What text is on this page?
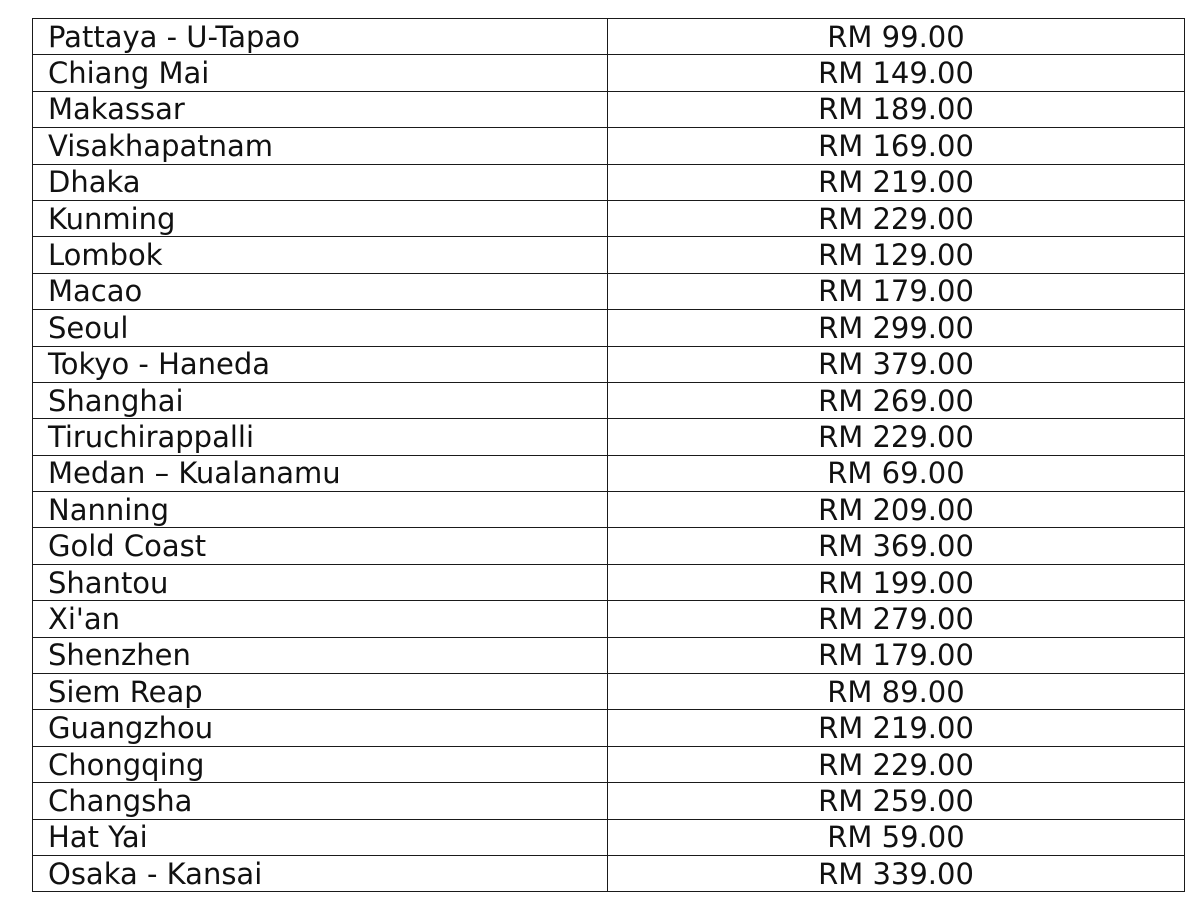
Pattaya - U-Tapao	RM 99.00
Chiang Mai	RM 149.00
Makassar	RM 189.00
Visakhapatnam	RM 169.00
Dhaka	RM 219.00
Kunming	RM 229.00
Lombok	RM 129.00
Macao	RM 179.00
Seoul	RM 299.00
Tokyo - Haneda	RM 379.00
Shanghai	RM 269.00
Tiruchirappalli	RM 229.00
Medan – Kualanamu	RM 69.00
Nanning	RM 209.00
Gold Coast	RM 369.00
Shantou	RM 199.00
Xi'an	RM 279.00
Shenzhen	RM 179.00
Siem Reap	RM 89.00
Guangzhou	RM 219.00
Chongqing	RM 229.00
Changsha	RM 259.00
Hat Yai	RM 59.00
Osaka - Kansai	RM 339.00
